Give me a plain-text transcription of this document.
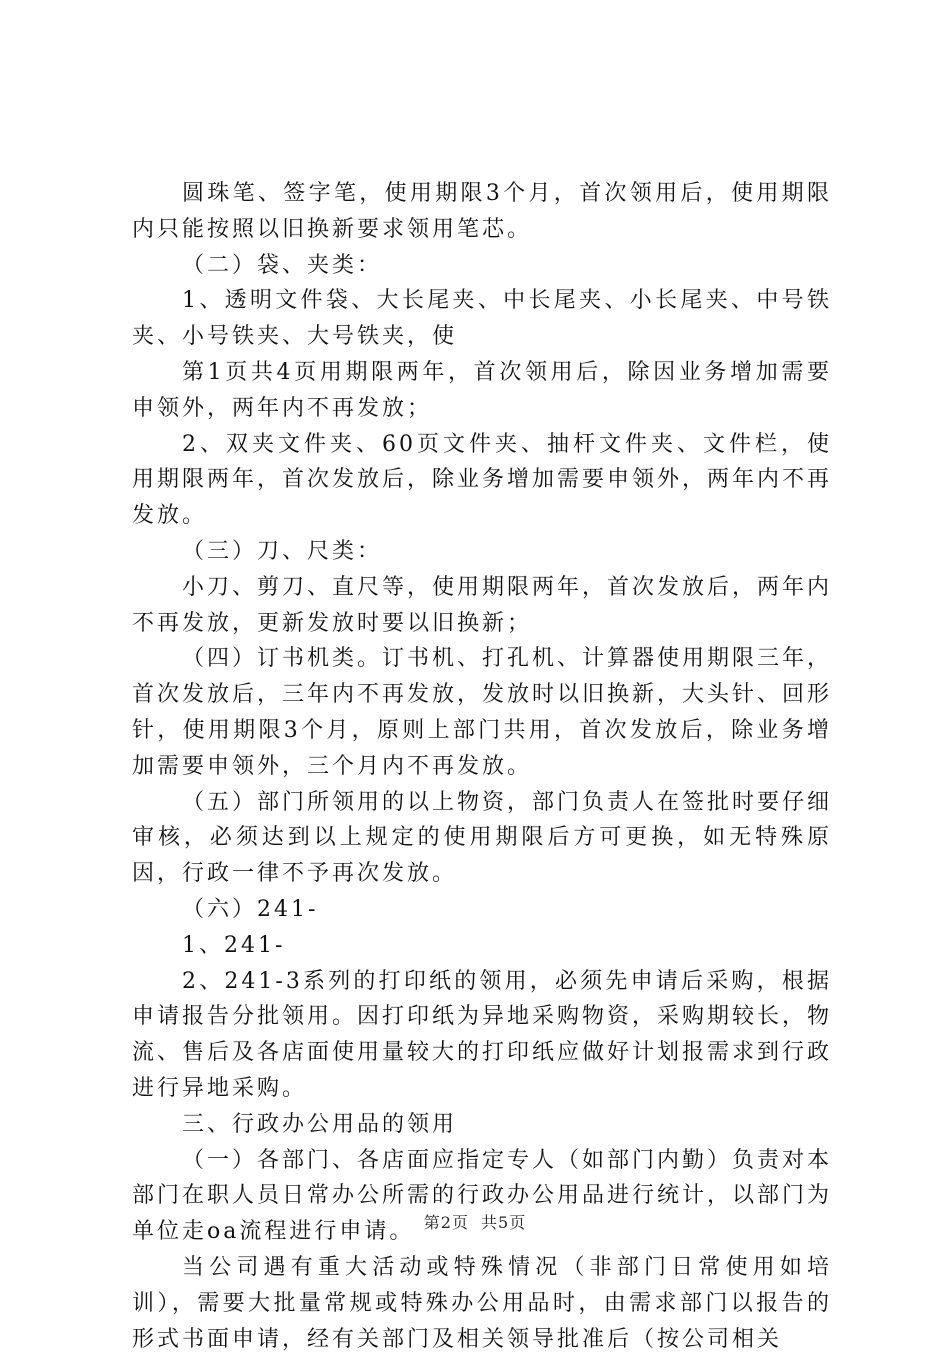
圆珠笔、签字笔，使用期限3个月，首次领用后，使用期限内只能按照以旧换新要求领用笔芯。

（二）袋、夹类：

1、透明文件袋、大长尾夹、中长尾夹、小长尾夹、中号铁夹、小号铁夹、大号铁夹，使

第1页共4页用期限两年，首次领用后，除因业务增加需要申领外，两年内不再发放；

2、双夹文件夹、60页文件夹、抽杆文件夹、文件栏，使用期限两年，首次发放后，除业务增加需要申领外，两年内不再发放。

（三）刀、尺类：

小刀、剪刀、直尺等，使用期限两年，首次发放后，两年内不再发放，更新发放时要以旧换新；

（四）订书机类。订书机、打孔机、计算器使用期限三年，首次发放后，三年内不再发放，发放时以旧换新，大头针、回形针，使用期限3个月，原则上部门共用，首次发放后，除业务增加需要申领外，三个月内不再发放。

（五）部门所领用的以上物资，部门负责人在签批时要仔细审核，必须达到以上规定的使用期限后方可更换，如无特殊原因，行政一律不予再次发放。

（六）241-

1、241-

2、241-3系列的打印纸的领用，必须先申请后采购，根据申请报告分批领用。因打印纸为异地采购物资，采购期较长，物流、售后及各店面使用量较大的打印纸应做好计划报需求到行政进行异地采购。

三、行政办公用品的领用

（一）各部门、各店面应指定专人（如部门内勤）负责对本部门在职人员日常办公所需的行政办公用品进行统计，以部门为单位走oa流程进行申请。

当公司遇有重大活动或特殊情况（非部门日常使用如培训），需要大批量常规或特殊办公用品时，由需求部门以报告的形式书面申请，经有关部门及相关领导批准后（按公司相关

第2页 共5页
